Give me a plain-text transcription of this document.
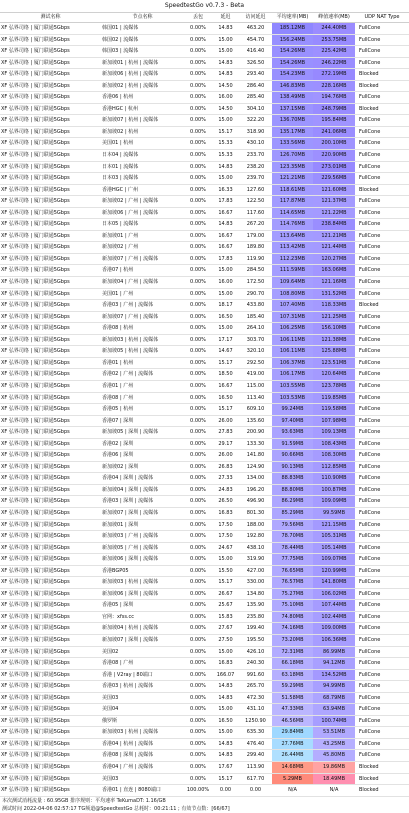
SpeedtestGo v0.7.3 - Beta
测试名称	节点名称	丢包	延迟	访问延迟	平均速率(MB)	峰值速率(MB)	UDP NAT Type
XF 弘界司络 | 厦门联通5Gbps	韩国01 | 流媒体	0.00%	14.83	463.20	185.12MB	244.40MB	FullCone
XF 弘界司络 | 厦门联通5Gbps	韩国02 | 流媒体	0.00%	15.00	454.70	156.24MB	253.75MB	FullCone
XF 弘界司络 | 厦门联通5Gbps	韩国03 | 流媒体	0.00%	15.00	416.40	154.26MB	225.42MB	FullCone
XF 弘界司络 | 厦门联通5Gbps	新加坡01 | 杭州 | 流媒体	0.00%	14.83	326.50	154.26MB	246.22MB	FullCone
XF 弘界司络 | 厦门联通5Gbps	新加坡06 | 杭州 | 流媒体	0.00%	14.83	293.40	154.23MB	272.19MB	Blocked
XF 弘界司络 | 厦门联通5Gbps	新加坡02 | 杭州 | 流媒体	0.00%	14.50	286.40	146.83MB	228.16MB	Blocked
XF 弘界司络 | 厦门联通5Gbps	香港06 | 杭州	0.00%	16.00	285.40	138.49MB	194.76MB	FullCone
XF 弘界司络 | 厦门联通5Gbps	香港HGC | 杭州	0.00%	14.50	304.10	137.15MB	248.79MB	Blocked
XF 弘界司络 | 厦门联通5Gbps	新加坡07 | 杭州 | 流媒体	0.00%	15.00	322.20	136.70MB	195.84MB	FullCone
XF 弘界司络 | 厦门联通5Gbps	新加坡02 | 杭州	0.00%	15.17	318.90	135.17MB	241.06MB	FullCone
XF 弘界司络 | 厦门联通5Gbps	美国01 | 杭州	0.00%	15.33	430.10	133.56MB	200.10MB	FullCone
XF 弘界司络 | 厦门联通5Gbps	日本04 | 流媒体	0.00%	15.33	233.70	126.70MB	220.90MB	FullCone
XF 弘界司络 | 厦门联通5Gbps	日本01 | 流媒体	0.00%	14.83	238.20	123.35MB	273.01MB	FullCone
XF 弘界司络 | 厦门联通5Gbps	日本03 | 流媒体	0.00%	15.00	239.70	121.21MB	229.56MB	FullCone
XF 弘界司络 | 厦门联通5Gbps	香港HGC | 广州	0.00%	16.33	127.60	118.61MB	121.60MB	Blocked
XF 弘界司络 | 厦门联通5Gbps	新加坡02 | 广州 | 流媒体	0.00%	17.83	122.50	117.87MB	121.37MB	FullCone
XF 弘界司络 | 厦门联通5Gbps	新加坡06 | 广州 | 流媒体	0.00%	16.67	117.60	114.65MB	121.22MB	FullCone
XF 弘界司络 | 厦门联通5Gbps	日本05 | 流媒体	0.00%	14.83	267.20	114.76MB	238.84MB	FullCone
XF 弘界司络 | 厦门联通5Gbps	新加坡01 | 广州	0.00%	16.67	179.00	113.64MB	121.21MB	FullCone
XF 弘界司络 | 厦门联通5Gbps	新加坡02 | 广州	0.00%	16.67	189.80	113.42MB	121.44MB	FullCone
XF 弘界司络 | 厦门联通5Gbps	新加坡07 | 广州 | 流媒体	0.00%	17.83	119.90	112.23MB	120.27MB	FullCone
XF 弘界司络 | 厦门联通5Gbps	香港07 | 杭州	0.00%	15.00	284.50	111.59MB	163.06MB	FullCone
XF 弘界司络 | 厦门联通5Gbps	新加坡04 | 广州 | 流媒体	0.00%	16.00	172.50	109.64MB	121.16MB	FullCone
XF 弘界司络 | 厦门联通5Gbps	美国01 | 广州	0.00%	15.00	290.70	108.80MB	131.52MB	FullCone
XF 弘界司络 | 厦门联通5Gbps	香港03 | 广州 | 流媒体	0.00%	18.17	433.80	107.40MB	118.33MB	Blocked
XF 弘界司络 | 厦门联通5Gbps	新加坡07 | 广州 | 流媒体	0.00%	16.50	185.40	107.31MB	121.25MB	FullCone
XF 弘界司络 | 厦门联通5Gbps	香港08 | 杭州	0.00%	15.00	264.10	106.25MB	156.10MB	FullCone
XF 弘界司络 | 厦门联通5Gbps	新加坡03 | 杭州 | 流媒体	0.00%	17.17	303.70	106.11MB	121.38MB	FullCone
XF 弘界司络 | 厦门联通5Gbps	新加坡05 | 杭州 | 流媒体	0.00%	14.67	320.10	106.11MB	125.88MB	FullCone
XF 弘界司络 | 厦门联通5Gbps	香港01 | 杭州	0.00%	15.17	292.50	106.37MB	123.51MB	FullCone
XF 弘界司络 | 厦门联通5Gbps	香港02 | 广州 | 流媒体	0.00%	18.50	419.00	106.17MB	120.64MB	FullCone
XF 弘界司络 | 厦门联通5Gbps	香港01 | 广州	0.00%	16.67	115.00	103.55MB	123.78MB	FullCone
XF 弘界司络 | 厦门联通5Gbps	香港08 | 广州	0.00%	16.50	113.40	103.53MB	119.85MB	FullCone
XF 弘界司络 | 厦门联通5Gbps	香港05 | 杭州	0.00%	15.17	609.10	99.24MB	119.58MB	FullCone
XF 弘界司络 | 厦门联通5Gbps	香港07 | 深圳	0.00%	26.00	135.60	97.40MB	107.98MB	FullCone
XF 弘界司络 | 厦门联通5Gbps	新加坡05 | 深圳 | 流媒体	0.00%	27.83	200.90	93.63MB	109.13MB	FullCone
XF 弘界司络 | 厦门联通5Gbps	香港02 | 深圳	0.00%	29.17	133.30	91.59MB	108.43MB	FullCone
XF 弘界司络 | 厦门联通5Gbps	香港06 | 深圳	0.00%	26.00	141.80	90.66MB	108.30MB	FullCone
XF 弘界司络 | 厦门联通5Gbps	新加坡02 | 深圳	0.00%	26.83	124.90	90.13MB	112.85MB	FullCone
XF 弘界司络 | 厦门联通5Gbps	香港04 | 深圳 | 流媒体	0.00%	27.33	134.00	88.83MB	110.90MB	FullCone
XF 弘界司络 | 厦门联通5Gbps	新加坡04 | 深圳 | 流媒体	0.00%	24.83	196.20	88.80MB	100.87MB	FullCone
XF 弘界司络 | 厦门联通5Gbps	香港03 | 深圳 | 流媒体	0.00%	26.50	496.90	86.29MB	109.09MB	FullCone
XF 弘界司络 | 厦门联通5Gbps	新加坡07 | 深圳 | 流媒体	0.00%	16.83	801.30	85.29MB	99.59MB	FullCone
XF 弘界司络 | 厦门联通5Gbps	新加坡01 | 深圳	0.00%	17.50	188.00	79.56MB	121.15MB	FullCone
XF 弘界司络 | 厦门联通5Gbps	新加坡03 | 广州 | 流媒体	0.00%	17.50	192.80	78.70MB	105.31MB	FullCone
XF 弘界司络 | 厦门联通5Gbps	新加坡05 | 广州 | 流媒体	0.00%	24.67	438.10	78.44MB	105.14MB	FullCone
XF 弘界司络 | 厦门联通5Gbps	新加坡06 | 深圳 | 流媒体	0.00%	15.00	319.90	77.75MB	109.07MB	FullCone
XF 弘界司络 | 厦门联通5Gbps	香港BGP05	0.00%	15.50	427.00	76.65MB	120.99MB	FullCone
XF 弘界司络 | 厦门联通5Gbps	新加坡03 | 杭州 | 流媒体	0.00%	15.17	330.00	76.57MB	141.80MB	FullCone
XF 弘界司络 | 厦门联通5Gbps	新加坡06 | 深圳 | 流媒体	0.00%	26.67	134.80	75.27MB	106.02MB	FullCone
XF 弘界司络 | 厦门联通5Gbps	香港05 | 深圳	0.00%	25.67	135.90	75.10MB	107.44MB	FullCone
XF 弘界司络 | 厦门联通5Gbps	官网：xfss.cc	0.00%	15.83	235.80	74.80MB	102.44MB	FullCone
XF 弘界司络 | 厦门联通5Gbps	新加坡04 | 杭州 | 流媒体	0.00%	27.67	199.40	74.16MB	109.00MB	FullCone
XF 弘界司络 | 厦门联通5Gbps	新加坡07 | 深圳 | 流媒体	0.00%	27.50	195.50	73.20MB	106.36MB	FullCone
XF 弘界司络 | 厦门联通5Gbps	美国02	0.00%	15.00	426.10	72.31MB	86.99MB	FullCone
XF 弘界司络 | 厦门联通5Gbps	香港08 | 广州	0.00%	16.83	240.30	66.18MB	94.12MB	FullCone
XF 弘界司络 | 厦门联通5Gbps	香港 | V2ray | 80端口	0.00%	166.07	991.60	63.18MB	134.52MB	FullCone
XF 弘界司络 | 厦门联通5Gbps	香港03 | 杭州 | 流媒体	0.00%	14.83	265.70	59.29MB	94.99MB	FullCone
XF 弘界司络 | 厦门联通5Gbps	美国03	0.00%	14.83	472.30	51.58MB	68.79MB	FullCone
XF 弘界司络 | 厦门联通5Gbps	美国04	0.00%	15.00	431.10	47.33MB	63.94MB	FullCone
XF 弘界司络 | 厦门联通5Gbps	俄罗斯	0.00%	16.50	1250.90	46.56MB	100.74MB	FullCone
XF 弘界司络 | 厦门联通5Gbps	新加坡03 | 杭州 | 流媒体	0.00%	15.00	635.30	29.84MB	53.51MB	FullCone
XF 弘界司络 | 厦门联通5Gbps	香港04 | 杭州 | 流媒体	0.00%	14.83	476.40	27.76MB	43.25MB	FullCone
XF 弘界司络 | 厦门联通5Gbps	香港08 | 深圳 | 流媒体	0.00%	14.83	299.40	26.44MB	45.80MB	FullCone
XF 弘界司络 | 厦门联通5Gbps	香港04 | 广州 | 流媒体	0.00%	17.67	113.90	14.68MB	19.86MB	Blocked
XF 弘界司络 | 厦门联通5Gbps	美国03	0.00%	15.17	617.70	5.29MB	18.49MB	Blocked
XF 弘界司络 | 厦门联通5Gbps	香港01 | 直连 | 8080端口	100.00%	0.00	0.00	N/A	N/A	Blocked
本次测试消耗流量 : 60.95GB 排序规则：平均速率 TeKumaDT: 1.16/GB
测试时间 2022-04-06 02:57:17 TG频道@SpeedtestGo 总耗时：00:21:11 ; 有效节点数：[66/67]
